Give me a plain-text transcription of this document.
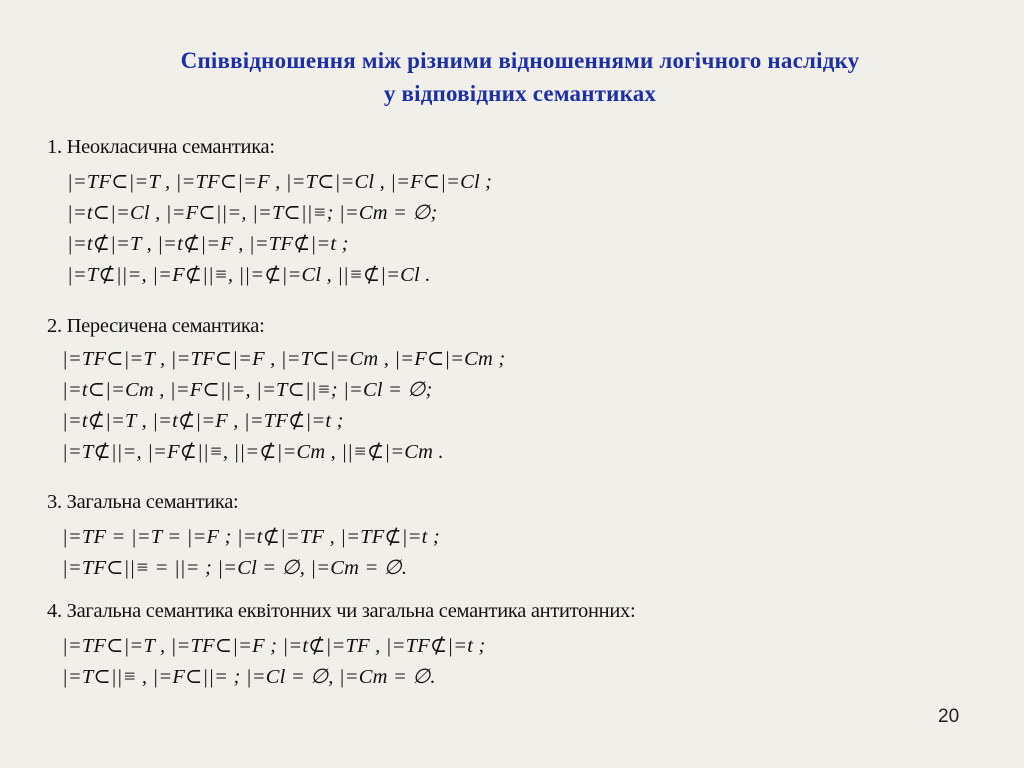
Співвідношення між різними відношеннями логічного наслідку
у відповідних семантиках
1. Неокласична семантика:
|=TF⊂|=T , |=TF⊂|=F , |=T⊂|=Cl , |=F⊂|=Cl ;
|=t⊂|=Cl , |=F⊂||=, |=T⊂||≡; |=Cm = ∅;
|=t⊄|=T , |=t⊄|=F , |=TF⊄|=t ;
|=T⊄||=, |=F⊄||≡, ||=⊄|=Cl , ||≡⊄|=Cl .
2. Пересичена семантика:
|=TF⊂|=T , |=TF⊂|=F , |=T⊂|=Cm , |=F⊂|=Cm ;
|=t⊂|=Cm , |=F⊂||=, |=T⊂||≡; |=Cl = ∅;
|=t⊄|=T , |=t⊄|=F , |=TF⊄|=t ;
|=T⊄||=, |=F⊄||≡, ||=⊄|=Cm , ||≡⊄|=Cm .
3. Загальна семантика:
|=TF = |=T = |=F ; |=t⊄|=TF , |=TF⊄|=t ;
|=TF⊂||≡ = ||= ; |=Cl = ∅, |=Cm = ∅.
4. Загальна семантика еквітонних чи загальна семантика антитонних:
|=TF⊂|=T , |=TF⊂|=F ; |=t⊄|=TF , |=TF⊄|=t ;
|=T⊂||≡ , |=F⊂||= ; |=Cl = ∅, |=Cm = ∅.
20
